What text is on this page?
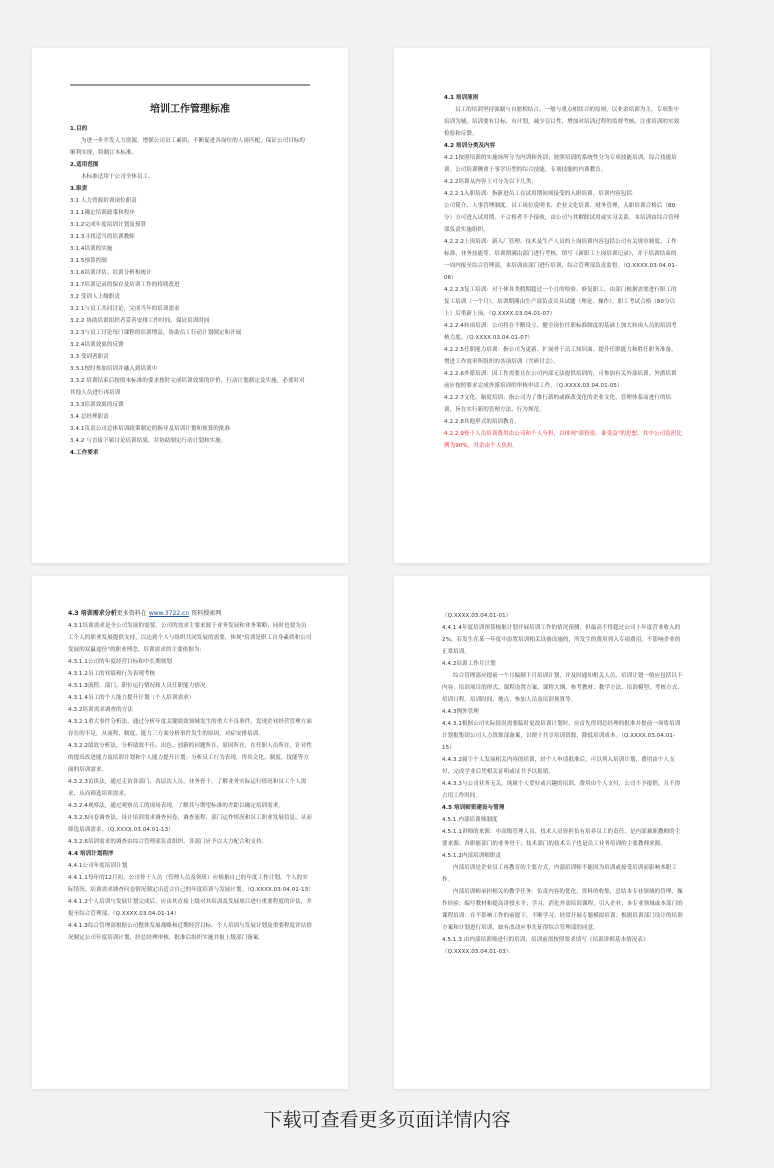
培训工作管理标准
1.目的
为进一步开发人力资源，增强公司员工素质，不断促进各岗位的人岗匹配，保证公司目标的顺利实现，特制订本标准。
2.适用范围
本标准适用于公司全体员工。
3.职责
3.1 人力资源培训岗位职责
3.1.1确定培训政策和程序
3.1.2完成年度培训计划及预算
3.1.3寻找适当的培训教师
3.1.4培训的实施
3.1.5预算控制
3.1.6培训评估、培训分析和统计
3.1.7培训记录的保存及培训工作的持续改进
3.2 受训人上级职责
3.2.1与员工共同讨论，完成当年的培训需求
3.2.2 协助培训组织者妥善安排工作时间，保证培训时间
3.2.3与员工讨论每门课程的培训增益，协助员工行动计划制定和开展
3.2.4培训效果的反馈
3.3 受训者职责
3.3.1按时参加培训并融入到培训中
3.3.2 培训结束后按照本标准的要求按时完成培训效果的评价、行动计划制定及实施，必要时对其他人员进行再培训
3.3.3培训效果的反馈
3.4 总经理职责
3.4.1负责公司总体培训政策制定的指导及培训计划和预算的批准
3.4.2 与直接下属讨论培训结果，并协助制定行动计划和实施。
4.工作要求
4.1 培训原则
员工的培训坚持强制与自愿相结合、一般与重点相结合的原则，以业余培训为主，专项集中培训为辅，培训要有目标，有计划，减少盲目性，增加对培训过程的监督考核，注重培训的实效检验和反馈。
4.2 培训分类及内容
4.2.1按照培训的实施场所分为内训和外训；按照培训的系统性分为专项技能培训，综合技能培训。公司培训侧重于事学历型的综合技能，专项技能的内训教育。
4.2.2培训从内容上可分为以下几类：
4.2.2.1入职培训：指新进员工在试用期间须接受的入职培训。培训内容包括：
公司简介、人事管理制度、员工岗位说明书、企业文化培训、财务管理，入职培训合格后（80分）方可进入试用期。不合格者不予接收，由公司与其解除试用或实习关系。本培训由综合管理部负责实施组织。
4.2.2.2上岗培训：新入厂管理、技术及生产人员的上岗培训内容包括公司有关规章制度、工作标准、业务技能等。培训期满由部门进行考核，填写《新职工上岗培训记录》，并于培训结束的一周内报至综合管理部，本培训由部门进行培训，综合管理部负责监督。（Q.XXXX.03.04.01-06）
4.2.2.3复工培训：对于休各类假期超过一个月的检验、修复职工，由部门根据需要进行职工的复工培训（一个月）。培训期满由生产部负责出具试题（理论、操作），职工考试合格（80分以上）后重新上岗。（Q.XXXX.03.04.01-07）
4.2.2.4转岗培训：公司将在不断设立、健全岗位任职标准制度的基础上加大转岗人员的培训考核力度。（Q.XXXX.03.04.01-07）
4.2.2.5任职能力培训：指公司为更新、扩展骨干员工知识面、提升任职能力和胜任职务准备，增进工作效率所组织的各项培训（含研讨会）。
4.2.2.6外派培训：因工作需要且在公司内部无法提供培训的，可参加有关外部培训。外派培训前应按照要求完成外派培训的审核申请工作。（Q.XXXX.03.04.01-05）
4.2.2.7文化、制度培训：指公司为了推行新的或修改变化的企业文化、管理体系而进行的培训，旨在实行新的管理方法、行为规范。
4.2.2.8其他形式的培训教育。
4.2.2.9骨干人员培训费用由公司和个人分担，以体现"谁投资、谁受益"的思想，其中公司负担比例为90%，其余由个人负担。
4.3 培训需求分析更多资料在 www.3722.cn 资料搜索网
4.3.1培训需求是全公司发展的需要，公司的需求主要来源于业务发展和业务策略；同时也要为员工个人的职业发展提供支持，以达到个人与组织共同发展的需要，体现"培训是职工自身素质和公司发展的双赢途径"的职业理念。培训需求的主要依据为：
4.3.1.1公司的年度经营目标和中长期规划
4.3.1.2员工的业绩和行为表现考核
4.3.1.3流程、部门、职位运行情况和人员任职能力情况
4.3.1.4员工的个人能力提升计划（个人培训需求）
4.3.2培训需求调查的方法
4.3.2.1重大事件分析法，通过分析年度关键绩效领域发生的重大不良事件，发现企业经营管理方面存在的不足，从流程、制度、能力三方面分析事件发生的原因，对症安排培训。
4.3.2.2绩效分析法，分析绩效不佳、出色、创新的问题所在、原因所在，在任职人员所在，针对性的提出改进能力及培训计划和个人能力提升计划；分析员工行为表现，得出文化、制度、技能等方面的培训需求。
4.3.2.3访谈法，通过走访各部门、各层次人员、业务骨干，了解业务实际运行情况和员工个人需求，从而筛选培训需求。
4.3.2.4观察法，通过观察员工的现场表现，了解其与期望标准的差距以确定培训需求。
4.3.2.5问卷调查法，设计培训需求调查问卷，调查流程、部门运作情况和员工职业发展信息，从而筛选培训需求。（Q.XXXX.03.04.01-13）
4.3.2.6培训需求的调查由综合管理部负责组织，各部门应予以大力配合和支持。
4.4 培训计划程序
4.4.1公司年度培训计划
4.4.1.1每年的12月初，公司骨干人员（管理人员及领班）应根据自己的年度工作计划、个人的实际情况、培训需求调查问卷情况制定出适合自己的年度培训与发展计划。（Q.XXXX.03.04.01-13）
4.4.1.2个人培训与发展计划完成后，应由其直接上级对其培训及发展项目进行重要程度的评估，并报至综合管理部。（Q.XXXX.03.04.01-14）
4.4.1.3综合管理部根据公司整体发展战略和近期经营目标、个人培训与发展计划及重要程度评估情况制定公司年度培训计划，经总经理审核、批准后组织实施并报上级部门备案。
（Q.XXXX.03.04.01-01）
4.4.1.4年度培训预算根据计划开展培训工作的情况预测，但最高不得超过公司上年度营业收入的2%。若发生在某一年度中添置培训相关设备设施的，所发生的费用列入专项费用，不影响企业的正常培训。
4.4.2培训工作月计划
综合管理部应提前一个月编制下月培训计划，并及时通知相关人员，培训计划一般应包括以下内容：培训项目的形式、课程设置方案、课程大纲、参考教材、教学方法、培训模型、考核方式、培训日程、培训时间、地点、参加人员及培训预算等。
4.4.3例外管理
4.4.3.1根据公司实际情况需要临时更改培训计划时，应首先得到总经理的批准并提前一周将培训计划报集团公司人力资源部备案，以便于共享培训资源，降低培训成本。（Q.XXXX.03.04.01-15）
4.4.3.2属于个人发展相关内容的培训，经个人申请批准后，可以列入培训计划，费用由个人支付，完成学业后凭相关证明或证书予以报销。
4.4.3.3与公司业务无关，纯属个人爱好或兴趣的培训，费用由个人支付，公司不予报销，且不得占用工作时间。
4.5 培训师资建设与管理
4.5.1.内部培训师制度
4.5.1.1讲师的来源：中高级管理人员、技术人员皆担负有培养员工的责任，是内部兼职教师的主要来源；各职能部门的业务骨干；技术部门的技术尖子也是员工业务培训的主要教师来源。
4.5.1.2内部培训师职责
内部培训是企业员工再教育的主要方式，内部培训师不能因为培训或接受培训而影响本职工作。
内部培训师承担相关的教学任务：负责内容的优化，资料的收集，总结本专业领域的管理、操作经验；编写教材和提高讲授水平；学习、消化外部培训课程，引入企业；本专业领域或本部门的课程培训：在不影响工作的前提下，不断学习，经常开展专题模拟培训；根据培训部门设计的培训方案和计划进行培训，如有改动应事先征得综合管理部的同意。
4.5.1.3 由内部培训师进行的培训，培训前需按照要求填写《培训讲师基本情况表》（Q.XXXX.03.04.01-03）。
下载可查看更多页面详情内容
